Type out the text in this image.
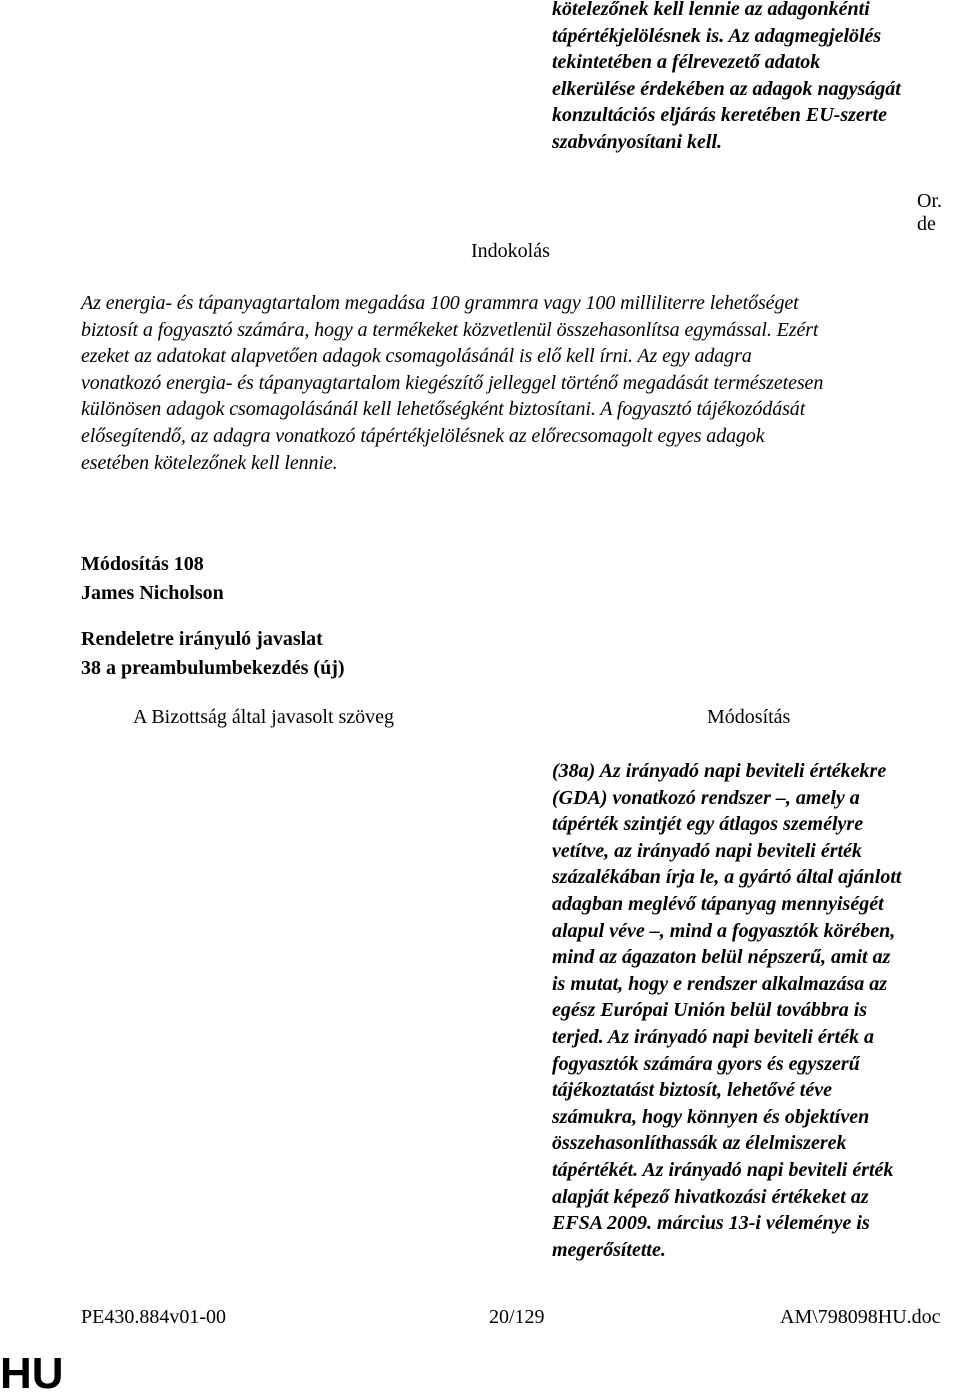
kötelezőnek kell lennie az adagonkénti
tápértékjelölésnek is. Az adagmegjelölés
tekintetében a félrevezető adatok
elkerülése érdekében az adagok nagyságát
konzultációs eljárás keretében EU-szerte
szabványosítani kell.
Or. de
Indokolás
Az energia- és tápanyagtartalom megadása 100 grammra vagy 100 milliliterre lehetőséget
biztosít a fogyasztó számára, hogy a termékeket közvetlenül összehasonlítsa egymással. Ezért
ezeket az adatokat alapvetően adagok csomagolásánál is elő kell írni. Az egy adagra
vonatkozó energia- és tápanyagtartalom kiegészítő jelleggel történő megadását természetesen
különösen adagok csomagolásánál kell lehetőségként biztosítani. A fogyasztó tájékozódását
elősegítendő, az adagra vonatkozó tápértékjelölésnek az előrecsomagolt egyes adagok
esetében kötelezőnek kell lennie.
Módosítás 108
James Nicholson
Rendeletre irányuló javaslat
38 a preambulumbekezdés (új)
A Bizottság által javasolt szöveg	Módosítás
(38a) Az irányadó napi beviteli értékekre
(GDA) vonatkozó rendszer –, amely a
tápérték szintjét egy átlagos személyre
vetítve, az irányadó napi beviteli érték
százalékában írja le, a gyártó által ajánlott
adagban meglévő tápanyag mennyiségét
alapul véve –, mind a fogyasztók körében,
mind az ágazaton belül népszerű, amit az
is mutat, hogy e rendszer alkalmazása az
egész Európai Unión belül továbbra is
terjed. Az irányadó napi beviteli érték a
fogyasztók számára gyors és egyszerű
tájékoztatást biztosít, lehetővé téve
számukra, hogy könnyen és objektíven
összehasonlíthassák az élelmiszerek
tápértékét. Az irányadó napi beviteli érték
alapját képező hivatkozási értékeket az
EFSA 2009. március 13-i véleménye is
megerősítette.
PE430.884v01-00	20/129	AM\798098HU.doc
HU
